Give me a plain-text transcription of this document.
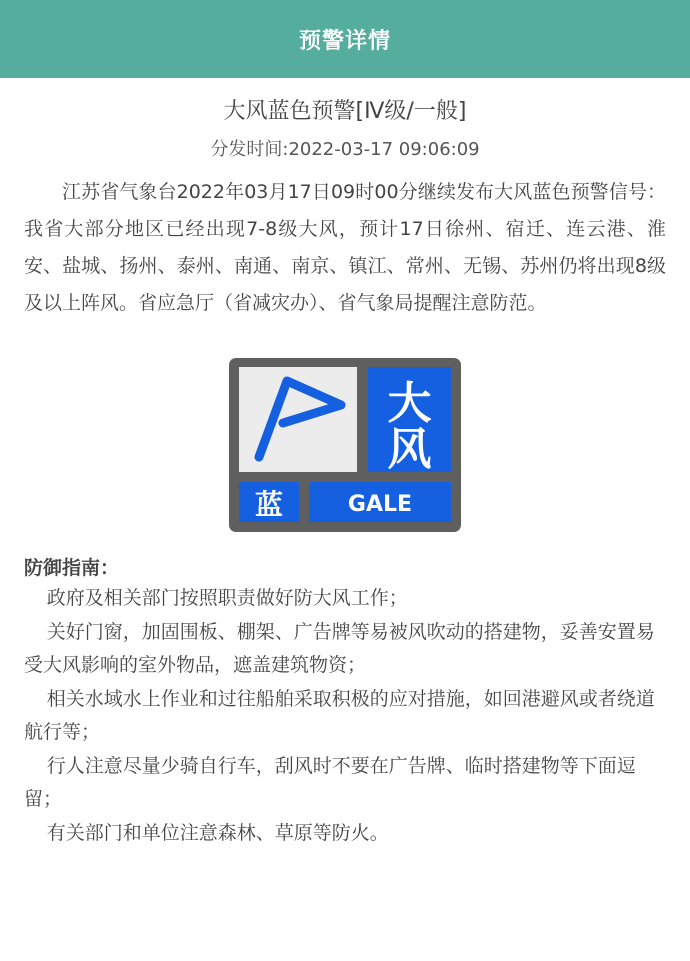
预警详情
大风蓝色预警[Ⅳ级/一般]
分发时间:2022-03-17 09:06:09
江苏省气象台2022年03月17日09时00分继续发布大风蓝色预警信号：我省大部分地区已经出现7-8级大风，预计17日徐州、宿迁、连云港、淮安、盐城、扬州、泰州、南通、南京、镇江、常州、无锡、苏州仍将出现8级及以上阵风。省应急厅（省减灾办）、省气象局提醒注意防范。
大
风
蓝	GALE
防御指南：
政府及相关部门按照职责做好防大风工作；
关好门窗，加固围板、棚架、广告牌等易被风吹动的搭建物，妥善安置易受大风影响的室外物品，遮盖建筑物资；
相关水域水上作业和过往船舶采取积极的应对措施，如回港避风或者绕道航行等；
行人注意尽量少骑自行车，刮风时不要在广告牌、临时搭建物等下面逗留；
有关部门和单位注意森林、草原等防火。
